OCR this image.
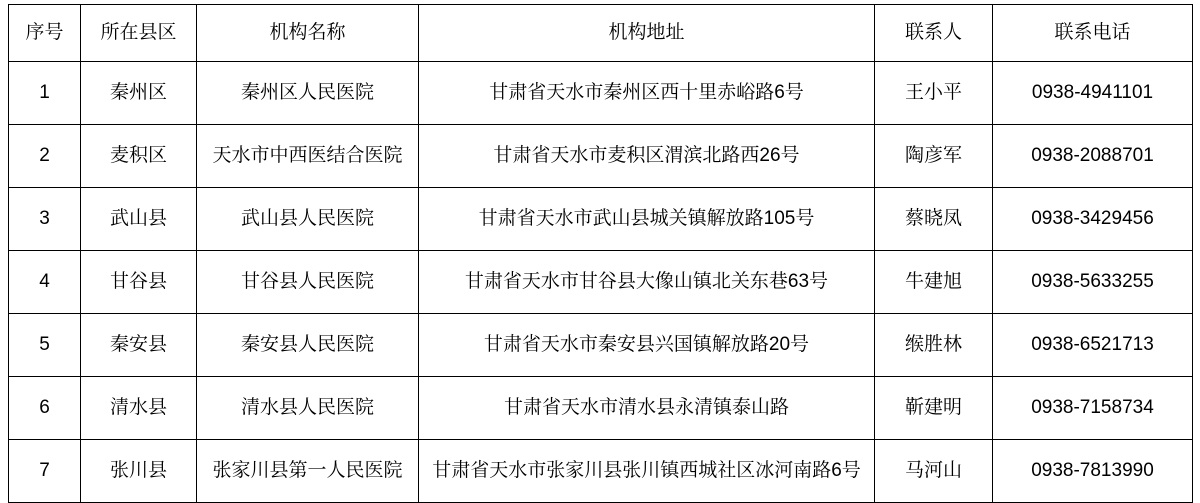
序号	所在县区	机构名称	机构地址	联系人	联系电话
1	秦州区	秦州区人民医院	甘肃省天水市秦州区西十里赤峪路6号	王小平	0938-4941101
2	麦积区	天水市中西医结合医院	甘肃省天水市麦积区渭滨北路西26号	陶彦军	0938-2088701
3	武山县	武山县人民医院	甘肃省天水市武山县城关镇解放路105号	蔡晓凤	0938-3429456
4	甘谷县	甘谷县人民医院	甘肃省天水市甘谷县大像山镇北关东巷63号	牛建旭	0938-5633255
5	秦安县	秦安县人民医院	甘肃省天水市秦安县兴国镇解放路20号	缑胜林	0938-6521713
6	清水县	清水县人民医院	甘肃省天水市清水县永清镇泰山路	靳建明	0938-7158734
7	张川县	张家川县第一人民医院	甘肃省天水市张家川县张川镇西城社区冰河南路6号	马河山	0938-7813990
